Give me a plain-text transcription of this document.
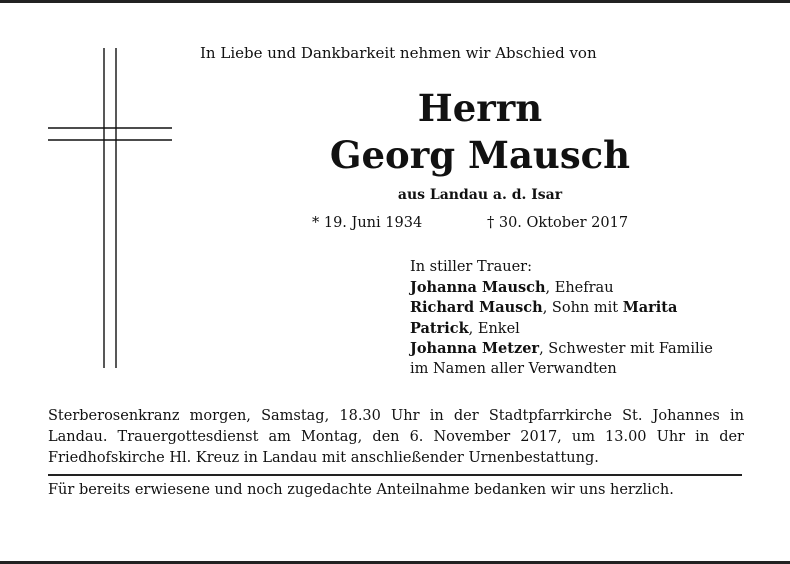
In Liebe und Dankbarkeit nehmen wir Abschied von
Herrn
Georg Mausch
aus Landau a. d. Isar
* 19. Juni 1934	† 30. Oktober 2017
In stiller Trauer:
Johanna Mausch, Ehefrau
Richard Mausch, Sohn mit Marita
Patrick, Enkel
Johanna Metzer, Schwester mit Familie
im Namen aller Verwandten
Sterberosenkranz morgen, Samstag, 18.30 Uhr in der Stadtpfarrkirche St. Johannes in Landau. Trauergottesdienst am Montag, den 6. November 2017, um 13.00 Uhr in der Friedhofskirche Hl. Kreuz in Landau mit anschließender Urnenbestattung.
Für bereits erwiesene und noch zugedachte Anteilnahme bedanken wir uns herzlich.
